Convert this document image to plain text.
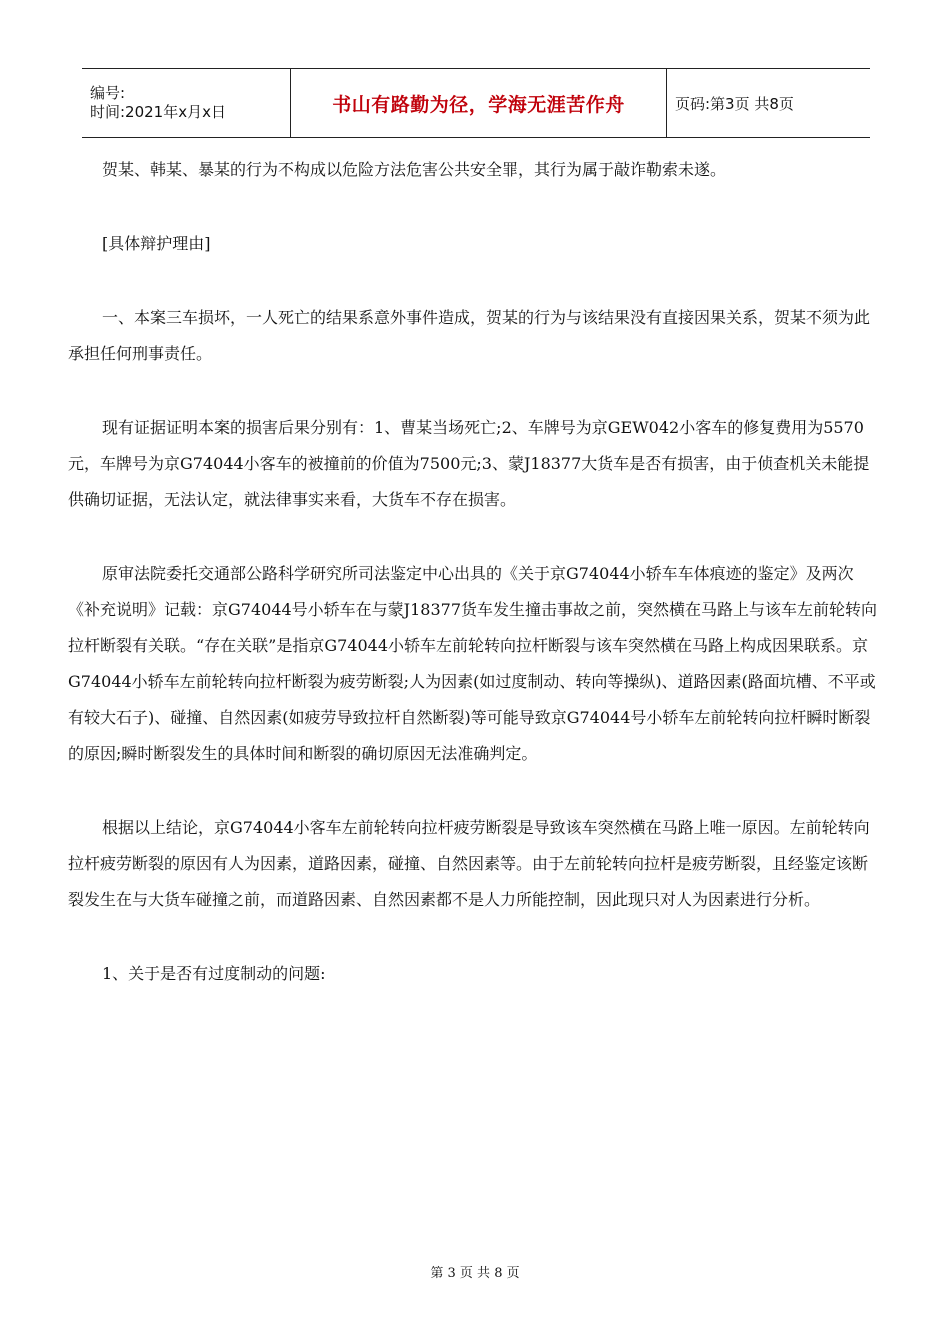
编号:
时间:2021年x月x日	书山有路勤为径，学海无涯苦作舟	页码:第3页 共8页

贺某、韩某、暴某的行为不构成以危险方法危害公共安全罪，其行为属于敲诈勒索未遂。

[具体辩护理由]

一、本案三车损坏，一人死亡的结果系意外事件造成，贺某的行为与该结果没有直接因果关系，贺某不须为此承担任何刑事责任。

现有证据证明本案的损害后果分别有：1、曹某当场死亡;2、车牌号为京GEW042小客车的修复费用为5570元，车牌号为京G74044小客车的被撞前的价值为7500元;3、蒙J18377大货车是否有损害，由于侦查机关未能提供确切证据，无法认定，就法律事实来看，大货车不存在损害。

原审法院委托交通部公路科学研究所司法鉴定中心出具的《关于京G74044小轿车车体痕迹的鉴定》及两次《补充说明》记载：京G74044号小轿车在与蒙J18377货车发生撞击事故之前，突然横在马路上与该车左前轮转向拉杆断裂有关联。“存在关联”是指京G74044小轿车左前轮转向拉杆断裂与该车突然横在马路上构成因果联系。京G74044小轿车左前轮转向拉杆断裂为疲劳断裂;人为因素(如过度制动、转向等操纵)、道路因素(路面坑槽、不平或有较大石子)、碰撞、自然因素(如疲劳导致拉杆自然断裂)等可能导致京G74044号小轿车左前轮转向拉杆瞬时断裂的原因;瞬时断裂发生的具体时间和断裂的确切原因无法准确判定。

根据以上结论，京G74044小客车左前轮转向拉杆疲劳断裂是导致该车突然横在马路上唯一原因。左前轮转向拉杆疲劳断裂的原因有人为因素，道路因素，碰撞、自然因素等。由于左前轮转向拉杆是疲劳断裂，且经鉴定该断裂发生在与大货车碰撞之前，而道路因素、自然因素都不是人力所能控制，因此现只对人为因素进行分析。

1、关于是否有过度制动的问题:

第 3 页 共 8 页
